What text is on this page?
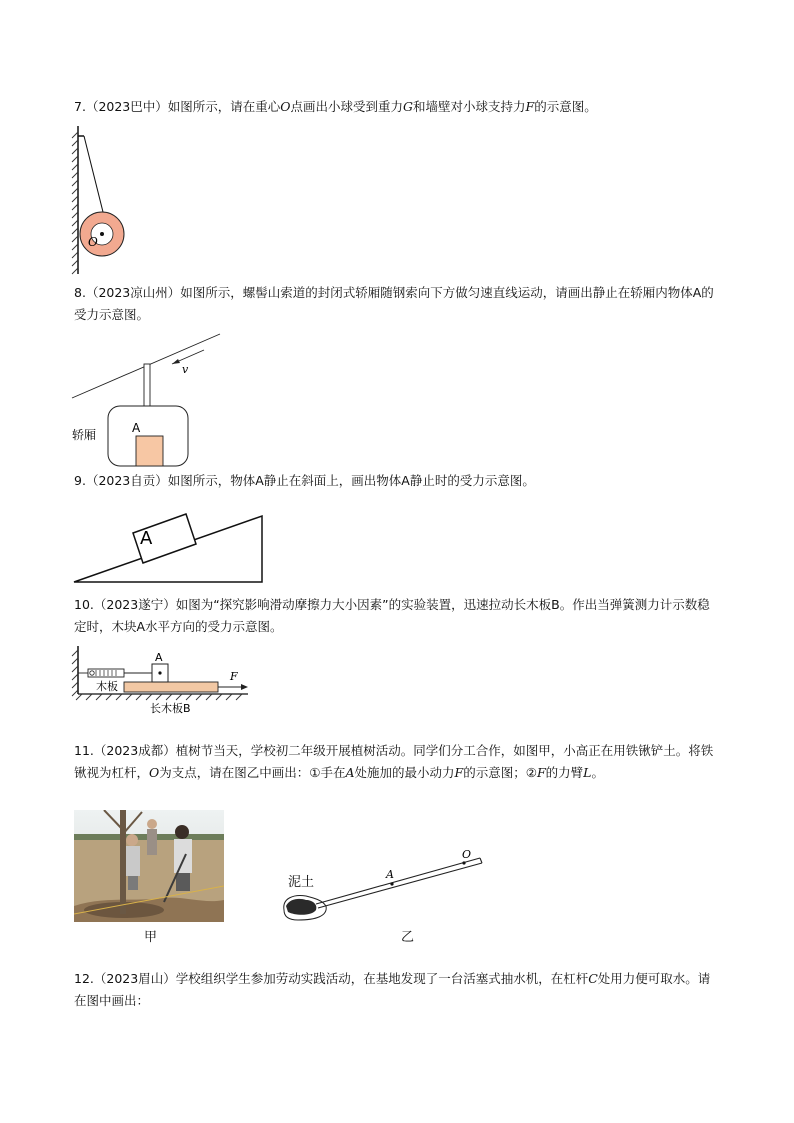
7.（2023巴中）如图所示，请在重心O点画出小球受到重力G和墙壁对小球支持力F的示意图。

O

8.（2023凉山州）如图所示，螺髻山索道的封闭式轿厢随钢索向下方做匀速直线运动，请画出静止在轿厢内物体A的受力示意图。

v
A
轿厢

9.（2023自贡）如图所示，物体A静止在斜面上，画出物体A静止时的受力示意图。

A

10.（2023遂宁）如图为“探究影响滑动摩擦力大小因素”的实验装置，迅速拉动长木板B。作出当弹簧测力计示数稳定时，木块A水平方向的受力示意图。

A
F
木板
长木板B

11.（2023成都）植树节当天，学校初二年级开展植树活动。同学们分工合作，如图甲，小高正在用铁锹铲土。将铁锹视为杠杆，O为支点，请在图乙中画出：①手在A处施加的最小动力F的示意图；②F的力臂L。

甲
A
O
泥土
乙

12.（2023眉山）学校组织学生参加劳动实践活动，在基地发现了一台活塞式抽水机，在杠杆C处用力便可取水。请在图中画出：
